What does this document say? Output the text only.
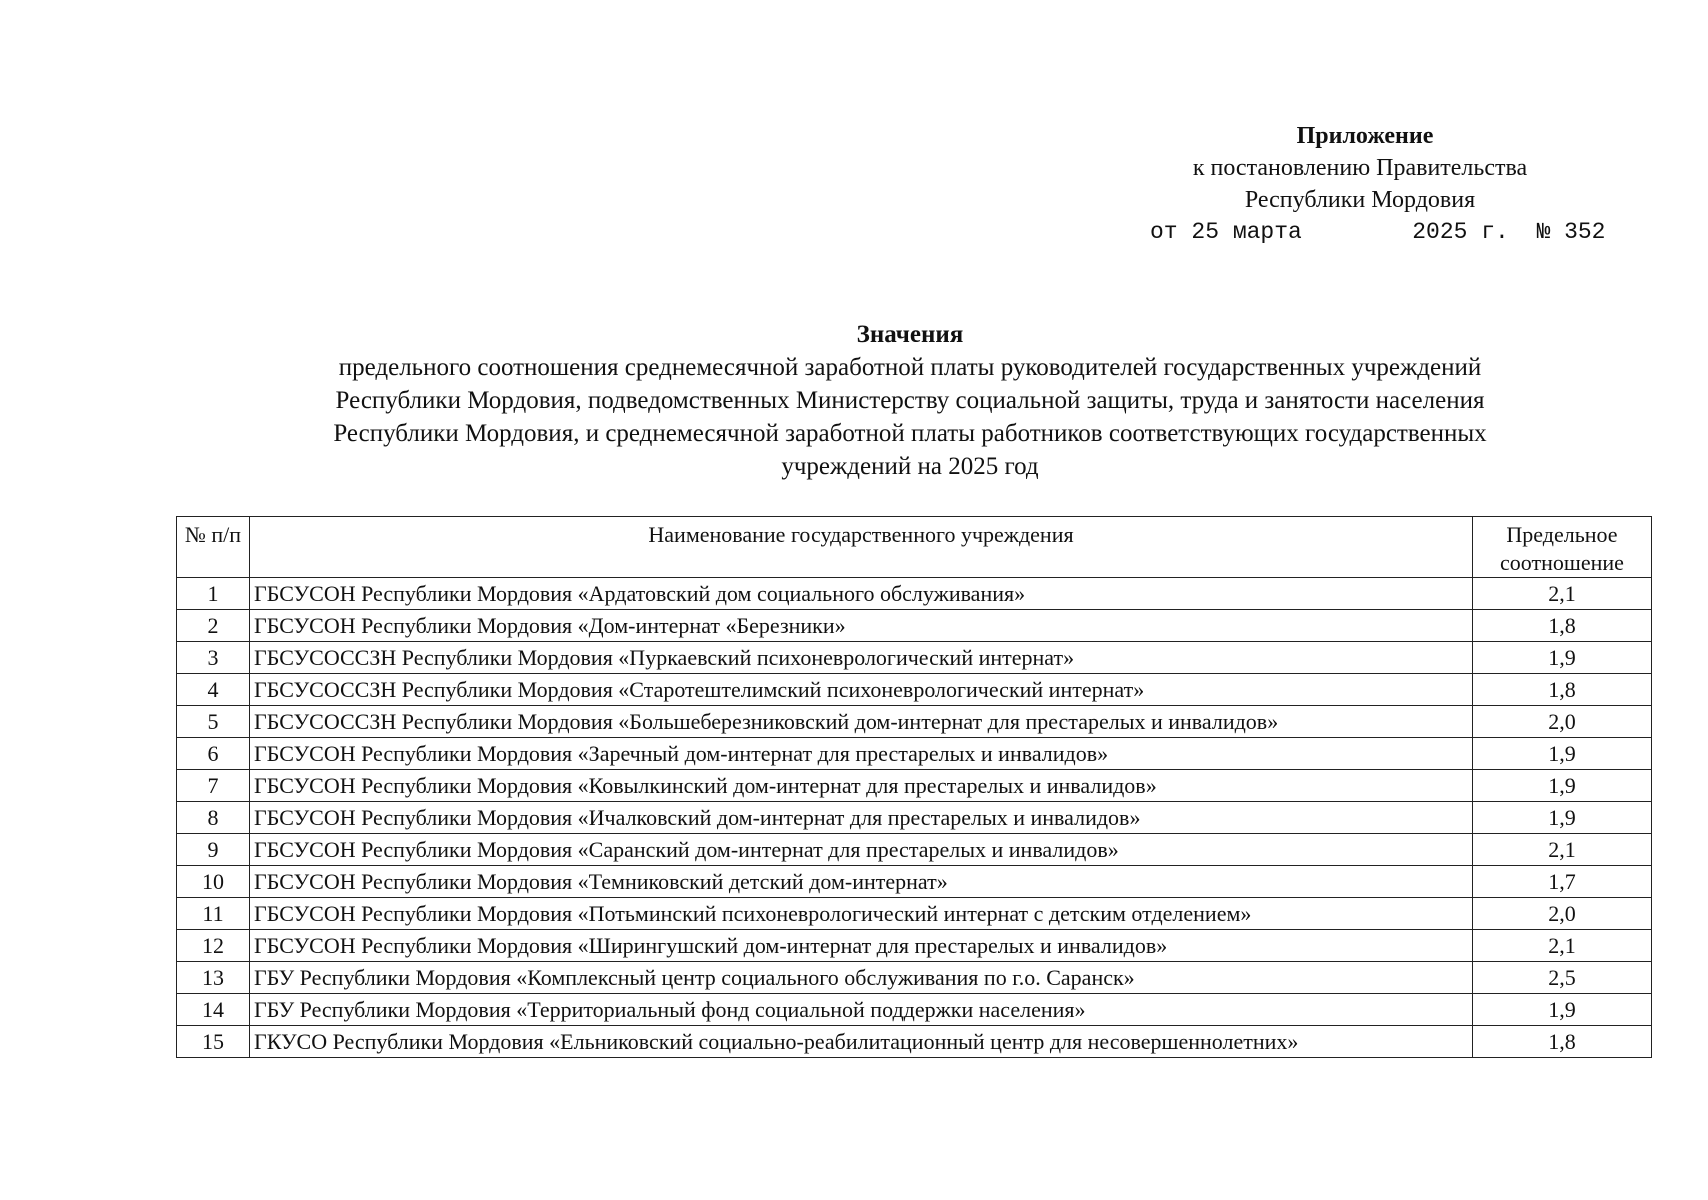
Приложение
к постановлению Правительства
Республики Мордовия
от 25 марта        2025 г.  № 352
Значения
предельного соотношения среднемесячной заработной платы руководителей государственных учреждений
Республики Мордовия, подведомственных Министерству социальной защиты, труда и занятости населения
Республики Мордовия, и среднемесячной заработной платы работников соответствующих государственных
учреждений на 2025 год
№ п/п	Наименование государственного учреждения	Предельное соотношение
1	ГБСУСОН Республики Мордовия «Ардатовский дом социального обслуживания»	2,1
2	ГБСУСОН Республики Мордовия «Дом-интернат «Березники»	1,8
3	ГБСУСОССЗН Республики Мордовия «Пуркаевский психоневрологический интернат»	1,9
4	ГБСУСОССЗН Республики Мордовия «Старотештелимский психоневрологический интернат»	1,8
5	ГБСУСОССЗН Республики Мордовия «Большеберезниковский дом-интернат для престарелых и инвалидов»	2,0
6	ГБСУСОН Республики Мордовия «Заречный дом-интернат для престарелых и инвалидов»	1,9
7	ГБСУСОН Республики Мордовия «Ковылкинский дом-интернат для престарелых и инвалидов»	1,9
8	ГБСУСОН Республики Мордовия «Ичалковский дом-интернат для престарелых и инвалидов»	1,9
9	ГБСУСОН Республики Мордовия «Саранский дом-интернат для престарелых и инвалидов»	2,1
10	ГБСУСОН Республики Мордовия «Темниковский детский дом-интернат»	1,7
11	ГБСУСОН Республики Мордовия «Потьминский психоневрологический интернат с детским отделением»	2,0
12	ГБСУСОН Республики Мордовия «Ширингушский дом-интернат для престарелых и инвалидов»	2,1
13	ГБУ Республики Мордовия «Комплексный центр социального обслуживания по г.о. Саранск»	2,5
14	ГБУ Республики Мордовия «Территориальный фонд социальной поддержки населения»	1,9
15	ГКУСО Республики Мордовия «Ельниковский социально-реабилитационный центр для несовершеннолетних»	1,8
